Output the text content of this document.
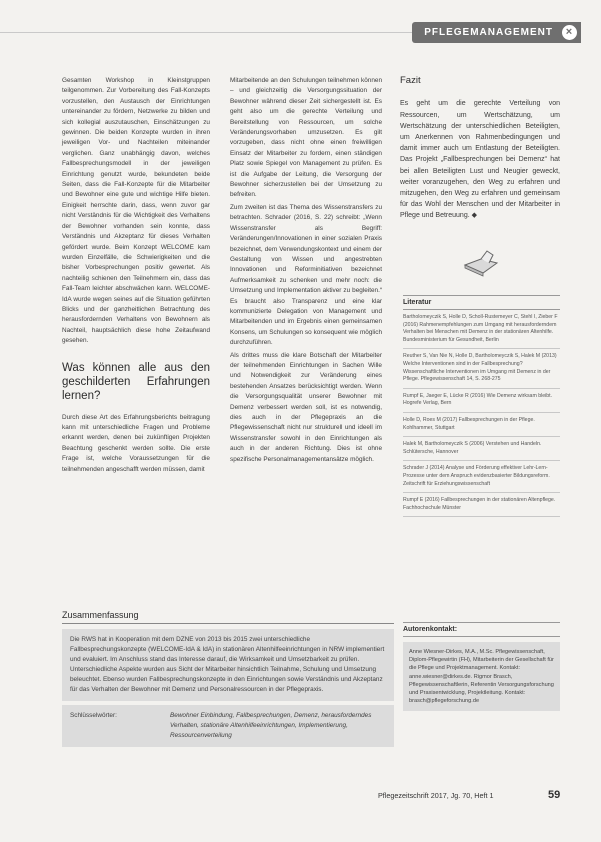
PFLEGEMANAGEMENT	×

Gesamten Workshop in Kleinstgruppen teilgenommen. Zur Vorbereitung des Fall-Konzepts vorzustellen, den Austausch der Einrichtungen untereinander zu fördern, Netzwerke zu bilden und sich kollegial auszutauschen, Einschätzungen zu gewinnen. Die beiden Konzepte wurden in ihren jeweiligen Vor- und Nachteilen miteinander verglichen. Ganz unabhängig davon, welches Fallbesprechungsmodell in der jeweiligen Einrichtung genutzt wurde, bekundeten beide Seiten, dass die Fall-Konzepte für die Mitarbeiter und Bewohner eine gute und wichtige Hilfe bieten. Einigkeit herrschte darin, dass, wenn zuvor gar nicht Verständnis für die Wichtigkeit des Verhaltens der Bewohner vorhanden sein konnte, dass Verständnis und Akzeptanz für dieses Verhalten gefördert wurde. Beim Konzept WELCOME kam wurden Einzelfälle, die Schwierigkeiten und die bisher Vorbesprechungen positiv gewertet. Als nachteilig schienen den Teilnehmern ein, dass das Fall-Team leichter abschwächen kann. WELCOME-IdA wurde wegen seines auf die Situation geführten Blicks und der ganzheitlichen Betrachtung des herausfordernden Verhaltens von Bewohnern als Nachteil, hauptsächlich diese hohe Zeitaufwand gesehen.

Was können alle aus den geschilderten Erfahrungen lernen?

Durch diese Art des Erfahrungsberichts beitragung kann mit unterschiedliche Fragen und Probleme erkannt werden, denen bei zukünftigen Projekten Beachtung geschenkt werden sollte. Die erste Frage ist, welche Voraussetzungen für die teilnehmenden angeschafft werden müssen, damit

Mitarbeitende an den Schulungen teilnehmen können – und gleichzeitig die Versorgungssituation der Bewohner während dieser Zeit sichergestellt ist. Es geht also um die gerechte Verteilung und Bereitstellung von Ressourcen, um solche Veränderungsvorhaben umzusetzen. Es gilt vorzugeben, dass nicht ohne einen freiwilligen Einsatz der Mitarbeiter zu fordern, einen ständigen Platz sowie Spiegel von Management zu prüfen. Es ist die Aufgabe der Leitung, die Versorgung der Bewohner sicherzustellen bei der Umsetzung zu befreiten.

Zum zweiten ist das Thema des Wissenstransfers zu betrachten. Schrader (2016, S. 22) schreibt: „Wenn Wissenstransfer als Begriff: Veränderungen/Innovationen in einer sozialen Praxis bezeichnet, dem Verwendungskontext und einem der Gestaltung von Wissen und angestrebten Innovationen und Reforminitiativen bezeichnet Aufmerksamkeit zu schenken und mehr noch: die Umsetzung und Implementation aktiver zu begleiten.“ Es braucht also Transparenz und eine klar kommunizierte Delegation von Management und Mitarbeitenden und im Ergebnis einen gemeinsamen Konsens, um Schulungen so konsequent wie möglich durchzuführen.

Als drittes muss die klare Botschaft der Mitarbeiter der teilnehmenden Einrichtungen in Sachen Wille und Notwendigkeit zur Veränderung eines bestehenden Ansatzes berücksichtigt werden. Wenn die Versorgungsqualität unserer Bewohner mit Demenz verbessert werden soll, ist es notwendig, dies auch in der Pflegepraxis an die Pflegewissenschaft nicht nur strukturell und ideell im Wissenstransfer sowohl in den Einrichtungen als auch in der anderen Richtung. Dies ist ohne spezifische Personalmanagementansätze möglich.

Fazit

Es geht um die gerechte Verteilung von Ressourcen, um Wertschätzung, um Wertschätzung der unterschiedlichen Beteiligten, um Anerkennen von Rahmenbedingungen und damit immer auch um Entlastung der Beteiligten. Das Projekt „Fallbesprechungen bei Demenz“ hat bei allen Beteiligten Lust und Neugier geweckt, weiter voranzugehen, den Weg zu erfahren und mitzugehen, den Weg zu erfahren und gemeinsam für das Wohl der Menschen und der Mitarbeiter in Pflege und Betreuung. ◆

Literatur
Bartholomeyczik S, Holle D, Scholl-Rustemeyer C, Stehl I, Zieber F (2016) Rahmenempfehlungen zum Umgang mit herausforderndem Verhalten bei Menschen mit Demenz in der stationären Altenhilfe. Bundesministerium für Gesundheit, Berlin
Reuther S, Van Nie N, Holle D, Bartholomeyczik S, Halek M (2013) Welche Interventionen sind in der Fallbesprechung? Wissenschaftliche Interventionen im Umgang mit Demenz in der Pflege. Pflegewissenschaft 14, S. 268-275
Rumpf E, Jaeger E, Lücke R (2016) Wie Demenz wirksam bleibt. Hogrefe Verlag, Bern
Holle D, Roes M (2017) Fallbesprechungen in der Pflege. Kohlhammer, Stuttgart
Halek M, Bartholomeyczik S (2006) Verstehen und Handeln. Schlütersche, Hannover
Schrader J (2014) Analyse und Förderung effektiver Lehr-Lern-Prozesse unter dem Anspruch evidenzbasierter Bildungsreform. Zeitschrift für Erziehungswissenschaft
Rumpf E (2016) Fallbesprechungen in der stationären Altenpflege. Fachhochschule Münster
Zusammenfassung
Die RWS hat in Kooperation mit dem DZNE von 2013 bis 2015 zwei unterschiedliche Fallbesprechungskonzepte (WELCOME-IdA & IdA) in stationären Altenhilfeeinrichtungen in NRW implementiert und evaluiert. Im Anschluss stand das Interesse darauf, die Wirksamkeit und Umsetzbarkeit zu prüfen. Unterschiedliche Aspekte wurden aus Sicht der Mitarbeiter hinsichtlich Teilnahme, Schulung und Umsetzung beleuchtet. Ebenso wurden Fallbesprechungskonzepte in den Einrichtungen sowie Verständnis und Akzeptanz für das Verhalten der Bewohner mit Demenz und Personalressourcen in der Pflegepraxis.
Schlüsselwörter:	Bewohner Einbindung, Fallbesprechungen, Demenz, herausforderndes Verhalten, stationäre Altenhilfeeinrichtungen, Implementierung, Ressourcenverteilung
Autorenkontakt:
Anne Wiesner-Dirkes, M.A., M.Sc. Pflegewissenschaft, Diplom-Pflegewirtin (FH), Mitarbeiterin der Gesellschaft für die Pflege und Projektmanagement. Kontakt: anne.wiesner@dirkes.de. Rigmor Brasch, Pflegewissenschaftlerin, Referentin Versorgungsforschung und Praxisentwicklung, Projektleitung. Kontakt: brasch@pflegeforschung.de
Pflegezeitschrift 2017, Jg. 70, Heft 1	59
